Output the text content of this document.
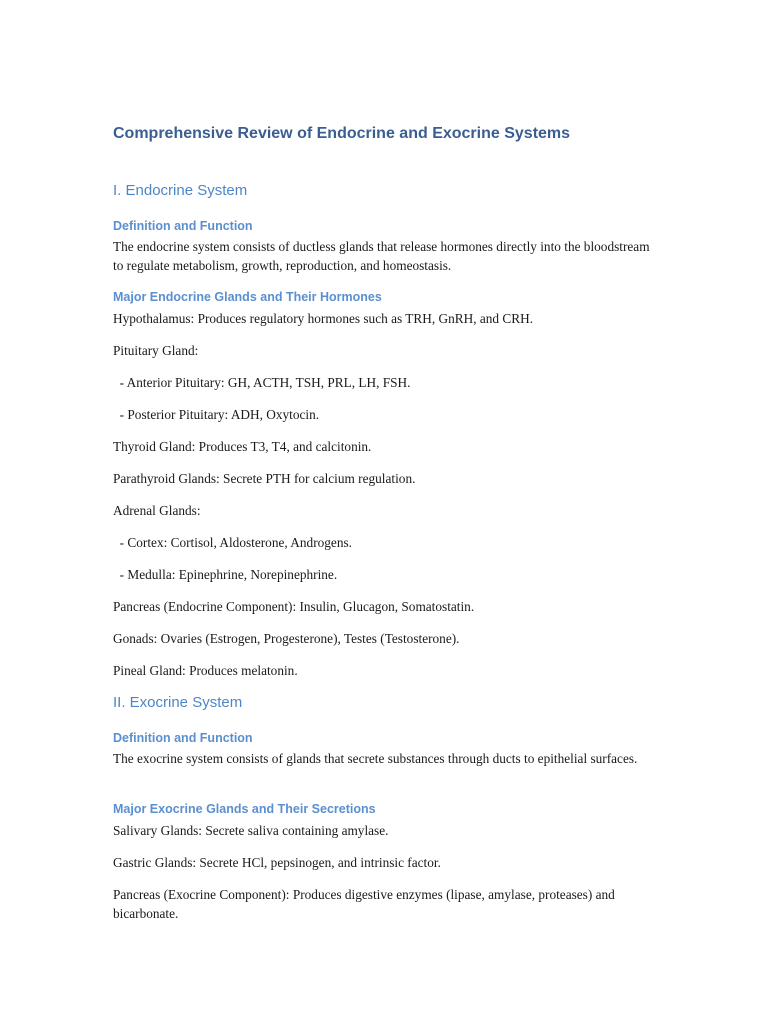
Comprehensive Review of Endocrine and Exocrine Systems
I. Endocrine System
Definition and Function

The endocrine system consists of ductless glands that release hormones directly into the bloodstream to regulate metabolism, growth, reproduction, and homeostasis.

Major Endocrine Glands and Their Hormones

Hypothalamus: Produces regulatory hormones such as TRH, GnRH, and CRH.

Pituitary Gland:

- Anterior Pituitary: GH, ACTH, TSH, PRL, LH, FSH.

- Posterior Pituitary: ADH, Oxytocin.

Thyroid Gland: Produces T3, T4, and calcitonin.

Parathyroid Glands: Secrete PTH for calcium regulation.

Adrenal Glands:

- Cortex: Cortisol, Aldosterone, Androgens.

- Medulla: Epinephrine, Norepinephrine.

Pancreas (Endocrine Component): Insulin, Glucagon, Somatostatin.

Gonads: Ovaries (Estrogen, Progesterone), Testes (Testosterone).

Pineal Gland: Produces melatonin.

II. Exocrine System
Definition and Function

The exocrine system consists of glands that secrete substances through ducts to epithelial surfaces.

Major Exocrine Glands and Their Secretions

Salivary Glands: Secrete saliva containing amylase.

Gastric Glands: Secrete HCl, pepsinogen, and intrinsic factor.

Pancreas (Exocrine Component): Produces digestive enzymes (lipase, amylase, proteases) and bicarbonate.
